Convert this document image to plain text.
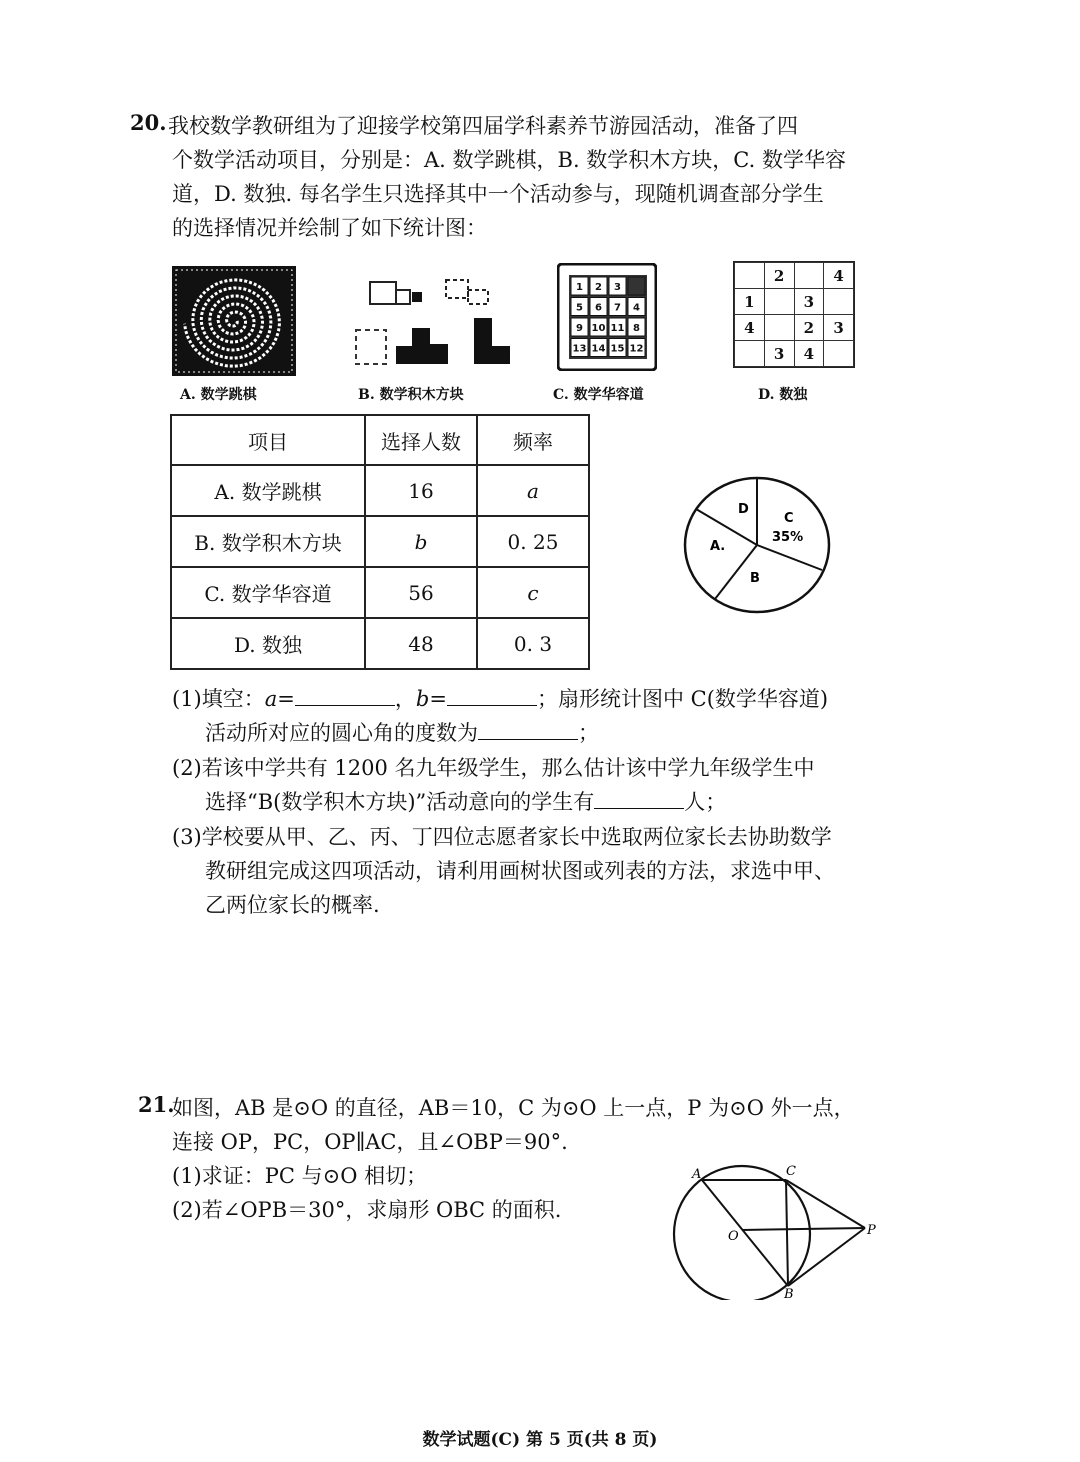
20. 我校数学教研组为了迎接学校第四届学科素养节游园活动，准备了四
个数学活动项目，分别是：A. 数学跳棋，B. 数学积木方块，C. 数学华容
道，D. 数独. 每名学生只选择其中一个活动参与，现随机调查部分学生
的选择情况并绘制了如下统计图：
A. 数学跳棋	B. 数学积木方块
1 2 3
5 6 7 4
9 10 11 8
13 14 15 12
C. 数学华容道
	2		4
1		3	
4		2	3
	3	4	
D. 数独
项目	选择人数	频率
A. 数学跳棋	16	a
B. 数学积木方块	b	0. 25
C. 数学华容道	56	c
D. 数独	48	0. 3
D
C
35%
A.
B
(1)填空：a=	，b=	；扇形统计图中 C(数学华容道)
活动所对应的圆心角的度数为	；
(2)若该中学共有 1200 名九年级学生，那么估计该中学九年级学生中
选择“B(数学积木方块)”活动意向的学生有	人；
(3)学校要从甲、乙、丙、丁四位志愿者家长中选取两位家长去协助数学
教研组完成这四项活动，请利用画树状图或列表的方法，求选中甲、
乙两位家长的概率.
21.
如图，AB 是⊙O 的直径，AB＝10，C 为⊙O 上一点，P 为⊙O 外一点，
连接 OP，PC，OP∥AC，且∠OBP＝90°.
(1)求证：PC 与⊙O 相切；
(2)若∠OPB＝30°，求扇形 OBC 的面积.
A	C
O	P
B
数学试题(C) 第 5 页(共 8 页)
